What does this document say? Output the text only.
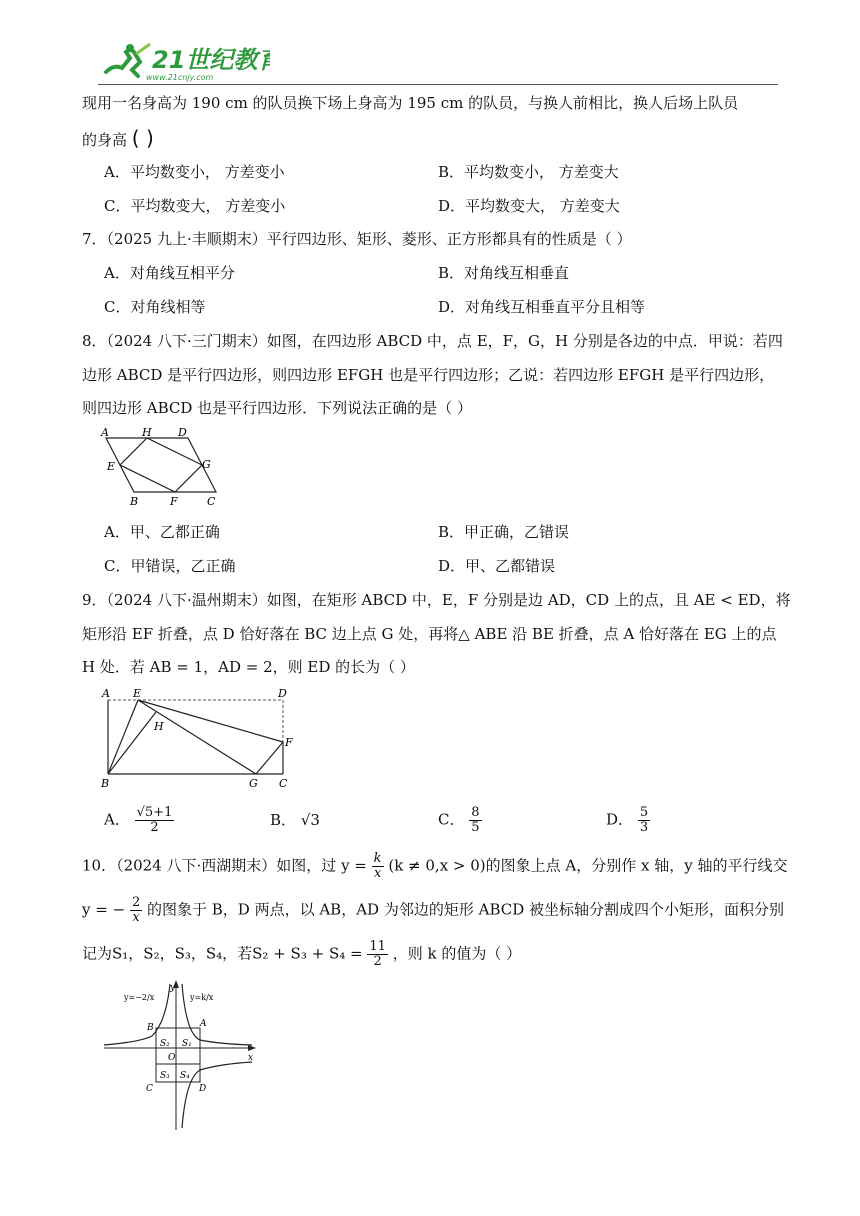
21世纪教育
www.21cnjy.com
现用一名身高为 190 cm 的队员换下场上身高为 195 cm 的队员，与换人前相比，换人后场上队员
的身高 ( )
A．平均数变小， 方差变小	B．平均数变小， 方差变大
C．平均数变大， 方差变小	D．平均数变大， 方差变大
7．（2025 九上·丰顺期末）平行四边形、矩形、菱形、正方形都具有的性质是（ ）
A．对角线互相平分	B．对角线互相垂直
C．对角线相等	D．对角线互相垂直平分且相等
8．（2024 八下·三门期末）如图，在四边形 ABCD 中，点 E，F，G，H 分别是各边的中点．甲说：若四
边形 ABCD 是平行四边形，则四边形 EFGH 也是平行四边形；乙说：若四边形 EFGH 是平行四边形，
则四边形 ABCD 也是平行四边形．下列说法正确的是（ ）
A	H D
E	G
B	F	C
A．甲、乙都正确	B．甲正确，乙错误
C．甲错误，乙正确	D．甲、乙都错误
9．（2024 八下·温州期末）如图，在矩形 ABCD 中，E，F 分别是边 AD，CD 上的点，且 AE < ED，将
矩形沿 EF 折叠，点 D 恰好落在 BC 边上点 G 处，再将△ ABE 沿 BE 折叠，点 A 恰好落在 EG 上的点
H 处．若 AB = 1，AD = 2，则 ED 的长为（ ）
A E	D
H
F
B	G C
A． $\frac{√5+1}{2}$	B． √3	C． $\frac{8}{5}$	D． $\frac{5}{3}$
10．（2024 八下·西湖期末）如图，过 $y = \frac{k}{x} (k \ne 0,x > 0)$的图象上点 A，分别作 x 轴，y 轴的平行线交
y = − $\frac{2}{x}$ 的图象于 B，D 两点，以 AB，AD 为邻边的矩形 ABCD 被坐标轴分割成四个小矩形，面积分别
记为S₁，S₂，S₃，S₄，若$S_2 + S_3 + S_4 = \frac{11}{2}$ ，则 k 的值为（ ）
y=−2/x	y=k/x
y
x
O
A
B
C	D
S₁
S₂
S₃ S₄
